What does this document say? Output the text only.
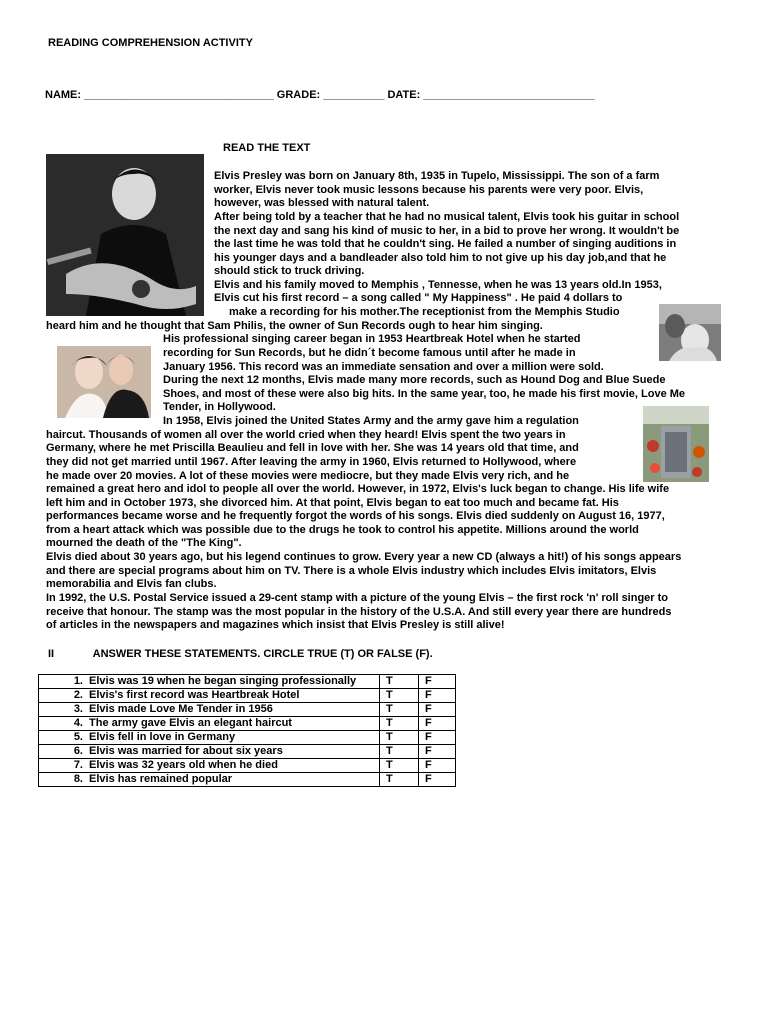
READING COMPREHENSION ACTIVITY
NAME: _______________________________ GRADE: __________ DATE: ____________________________
READ THE TEXT
Elvis Presley was born on January 8th, 1935 in Tupelo, Mississippi. The son of a farm
worker, Elvis never took music lessons because his parents were very poor. Elvis,
however, was blessed with natural talent.
After being told by a teacher that he had no musical talent, Elvis took his guitar in school
the next day and sang his kind of music to her, in a bid to prove her wrong. It wouldn't be
the last time he was told that he couldn't sing. He failed a number of singing auditions in
his younger days and a bandleader also told him to not give up his day job,and that he
should stick to truck driving.
Elvis and his family moved to Memphis , Tennesse, when he was 13 years old.In 1953,
Elvis cut his first record – a song called " My Happiness" . He paid 4 dollars to
make a recording for his mother.The receptionist from the Memphis Studio
heard him and he thought that Sam Philis, the owner of Sun Records ough to hear him singing.
His professional singing career began in 1953 Heartbreak Hotel when he started
recording for Sun Records, but he didn´t become famous until after he made in
January 1956. This record was an immediate sensation and over a million were sold.
During the next 12 months, Elvis made many more records, such as Hound Dog and Blue Suede
Shoes, and most of these were also big hits. In the same year, too, he made his first movie, Love Me
Tender, in Hollywood.
In 1958, Elvis joined the United States Army and the army gave him a regulation
haircut. Thousands of women all over the world cried when they heard! Elvis spent the two years in
Germany, where he met Priscilla Beaulieu and fell in love with her. She was 14 years old that time, and
they did not get married until 1967. After leaving the army in 1960, Elvis returned to Hollywood, where
he made over 20 movies. A lot of these movies were mediocre, but they made Elvis very rich, and he
remained a great hero and idol to people all over the world. However, in 1972, Elvis's luck began to change. His life wife
left him and in October 1973, she divorced him. At that point, Elvis began to eat too much and became fat. His
performances became worse and he frequently forgot the words of his songs. Elvis died suddenly on August 16, 1977,
from a heart attack which was possible due to the drugs he took to control his appetite. Millions around the world
mourned the death of the "The King".
Elvis died about 30 years ago, but his legend continues to grow. Every year a new CD (always a hit!) of his songs appears
and there are special programs about him on TV. There is a whole Elvis industry which includes Elvis imitators, Elvis
memorabilia and Elvis fan clubs.
In 1992, the U.S. Postal Service issued a 29-cent stamp with a picture of the young Elvis – the first rock 'n' roll singer to
receive that honour. The stamp was the most popular in the history of the U.S.A. And still every year there are hundreds
of articles in the newspapers and magazines which insist that Elvis Presley is still alive!
II	ANSWER THESE STATEMENTS. CIRCLE TRUE (T) OR FALSE (F).
1. Elvis was 19 when he began singing professionally	T	F
2. Elvis's first record was Heartbreak Hotel	T	F
3. Elvis made Love Me Tender in 1956	T	F
4. The army gave Elvis an elegant haircut	T	F
5. Elvis fell in love in Germany	T	F
6. Elvis was married for about six years	T	F
7. Elvis was 32 years old when he died	T	F
8. Elvis has remained popular	T	F
